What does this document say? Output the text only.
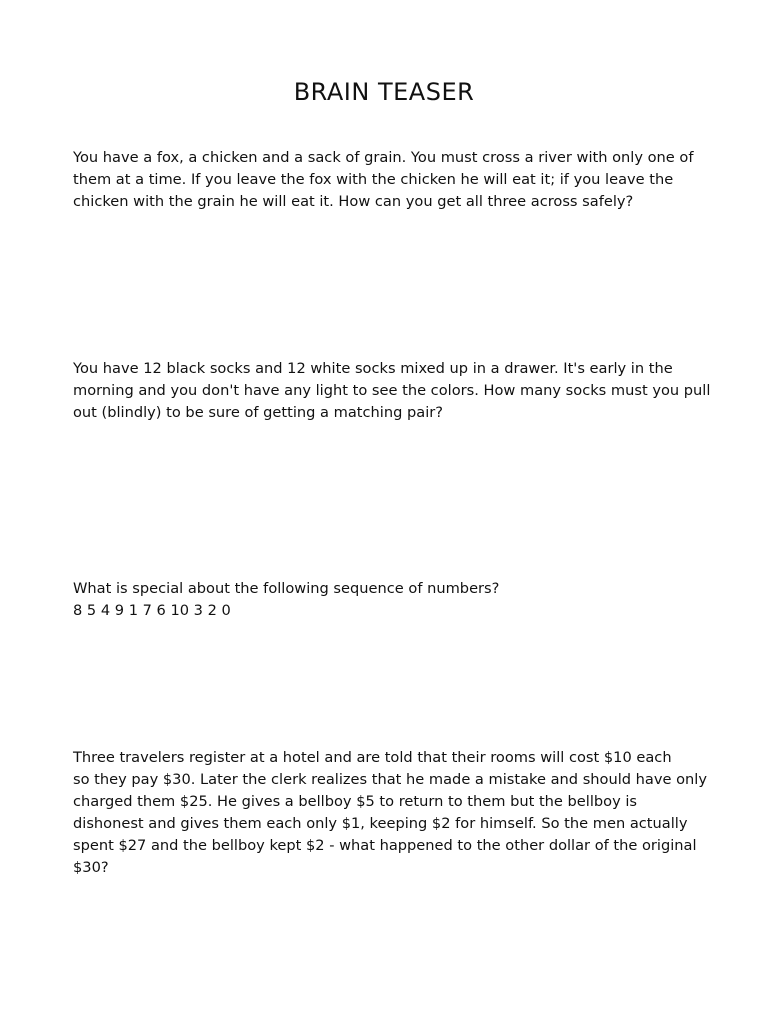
BRAIN TEASER
You have a fox, a chicken and a sack of grain. You must cross a river with only one of
them at a time. If you leave the fox with the chicken he will eat it; if you leave the
chicken with the grain he will eat it. How can you get all three across safely?
You have 12 black socks and 12 white socks mixed up in a drawer. It's early in the
morning and you don't have any light to see the colors. How many socks must you pull
out (blindly) to be sure of getting a matching pair?
What is special about the following sequence of numbers?
8 5 4 9 1 7 6 10 3 2 0
Three travelers register at a hotel and are told that their rooms will cost $10 each
so they pay $30. Later the clerk realizes that he made a mistake and should have only
charged them $25. He gives a bellboy $5 to return to them but the bellboy is
dishonest and gives them each only $1, keeping $2 for himself. So the men actually
spent $27 and the bellboy kept $2 - what happened to the other dollar of the original
$30?
